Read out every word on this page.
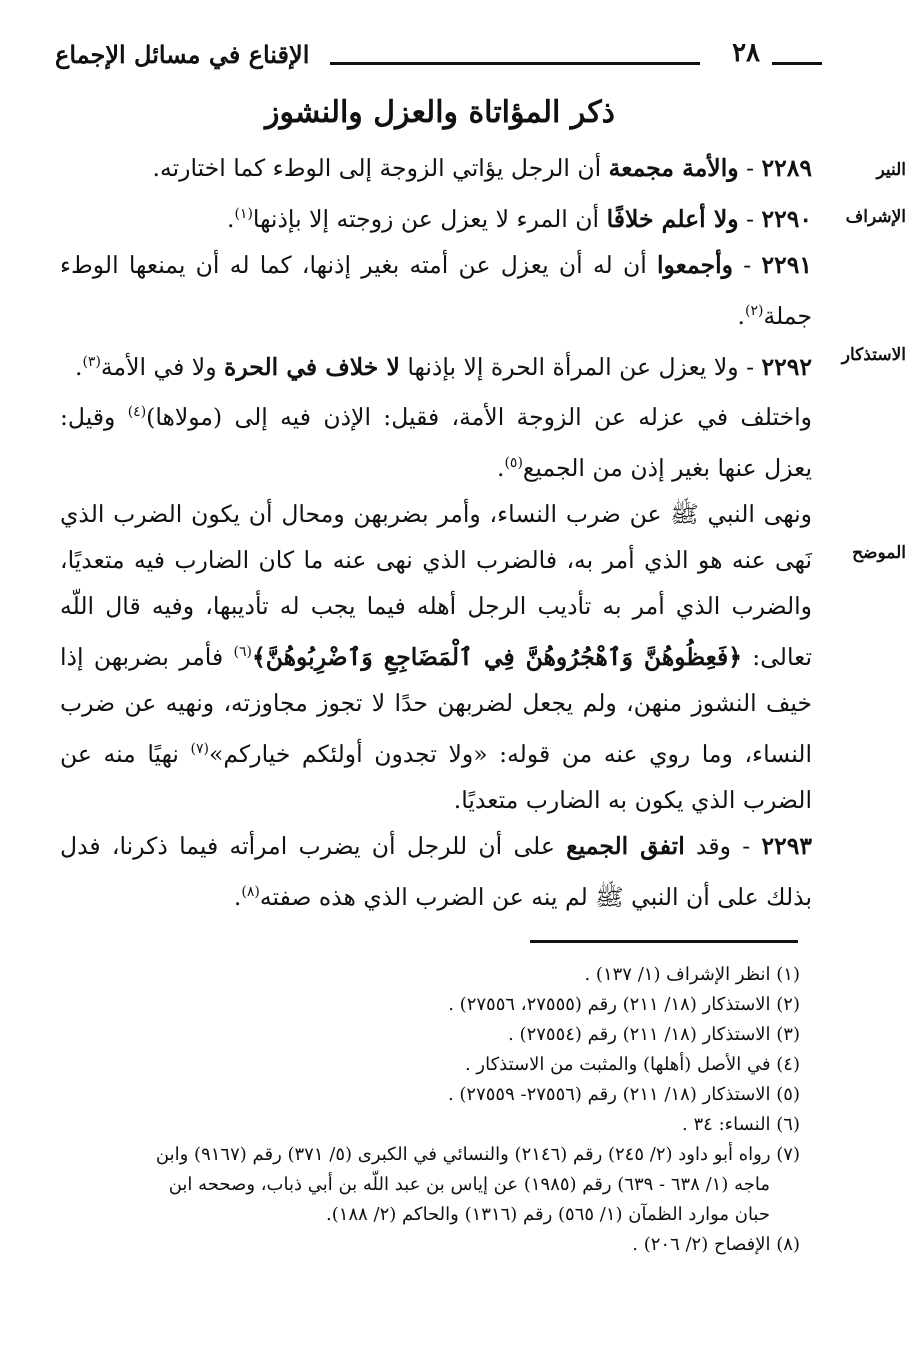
٢٨
الإقناع في مسائل الإجماع
ذكر المؤاتاة والعزل والنشوز
النير
الإشراف
الاستذكار
الموضح
٢٢٨٩ - والأمة مجمعة أن الرجل يؤاتي الزوجة إلى الوطء كما اختارته.
٢٢٩٠ - ولا أعلم خلافًا أن المرء لا يعزل عن زوجته إلا بإذنها$^{(١)}$.
٢٢٩١ - وأجمعوا أن له أن يعزل عن أمته بغير إذنها، كما له أن يمنعها الوطء جملة$^{(٢)}$.
٢٢٩٢ - ولا يعزل عن المرأة الحرة إلا بإذنها لا خلاف في الحرة ولا في الأمة$^{(٣)}$.
واختلف في عزله عن الزوجة الأمة، فقيل: الإذن فيه إلى (مولاها)$^{(٤)}$ وقيل: يعزل عنها بغير إذن من الجميع$^{(٥)}$.
ونهى النبي ﷺ عن ضرب النساء، وأمر بضربهن ومحال أن يكون الضرب الذي نَهى عنه هو الذي أمر به، فالضرب الذي نهى عنه ما كان الضارب فيه متعديًا، والضرب الذي أمر به تأديب الرجل أهله فيما يجب له تأديبها، وفيه قال اللّه تعالى: ﴿فَعِظُوهُنَّ وَٱهْجُرُوهُنَّ فِي ٱلْمَضَاجِعِ وَٱضْرِبُوهُنَّ﴾$^{(٦)}$ فأمر بضربهن إذا خيف النشوز منهن، ولم يجعل لضربهن حدًا لا تجوز مجاوزته، ونهيه عن ضرب النساء، وما روي عنه من قوله: «ولا تجدون أولئكم خياركم»$^{(٧)}$ نهيًا منه عن الضرب الذي يكون به الضارب متعديًا.
٢٢٩٣ - وقد اتفق الجميع على أن للرجل أن يضرب امرأته فيما ذكرنا، فدل بذلك على أن النبي ﷺ لم ينه عن الضرب الذي هذه صفته$^{(٨)}$.

(١) انظر الإشراف (١/ ١٣٧) .

(٢) الاستذكار (١٨/ ٢١١) رقم (٢٧٥٥٥، ٢٧٥٥٦) .

(٣) الاستذكار (١٨/ ٢١١) رقم (٢٧٥٥٤) .

(٤) في الأصل (أهلها) والمثبت من الاستذكار .

(٥) الاستذكار (١٨/ ٢١١) رقم (٢٧٥٥٦- ٢٧٥٥٩) .

(٦) النساء: ٣٤ .

(٧) رواه أبو داود (٢/ ٢٤٥) رقم (٢١٤٦) والنسائي في الكبرى (٥/ ٣٧١) رقم (٩١٦٧) وابن

ماجه (١/ ٦٣٨ - ٦٣٩) رقم (١٩٨٥) عن إياس بن عبد اللّه بن أبي ذباب، وصححه ابن

حبان موارد الظمآن (١/ ٥٦٥) رقم (١٣١٦) والحاكم (٢/ ١٨٨).

(٨) الإفصاح (٢/ ٢٠٦) .
